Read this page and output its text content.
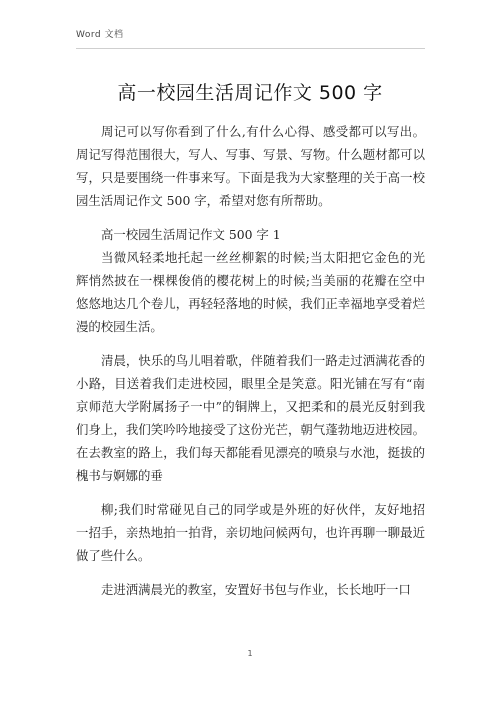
Word 文档
高一校园生活周记作文 500 字

周记可以写你看到了什么,有什么心得、感受都可以写出。周记写得范围很大，写人、写事、写景、写物。什么题材都可以写，只是要围绕一件事来写。下面是我为大家整理的关于高一校园生活周记作文 500 字，希望对您有所帮助。

高一校园生活周记作文 500 字 1

当微风轻柔地托起一丝丝柳絮的时候;当太阳把它金色的光辉悄然披在一棵棵俊俏的樱花树上的时候;当美丽的花瓣在空中悠悠地达几个卷儿，再轻轻落地的时候，我们正幸福地享受着烂漫的校园生活。

清晨，快乐的鸟儿唱着歌，伴随着我们一路走过洒满花香的小路，目送着我们走进校园，眼里全是笑意。阳光铺在写有“南京师范大学附属扬子一中”的铜牌上，又把柔和的晨光反射到我们身上，我们笑吟吟地接受了这份光芒，朝气蓬勃地迈进校园。在去教室的路上，我们每天都能看见漂亮的喷泉与水池，挺拔的槐书与婀娜的垂

柳;我们时常碰见自己的同学或是外班的好伙伴，友好地招一招手，亲热地拍一拍背，亲切地问候两句，也许再聊一聊最近做了些什么。

走进洒满晨光的教室，安置好书包与作业，长长地吁一口

1
